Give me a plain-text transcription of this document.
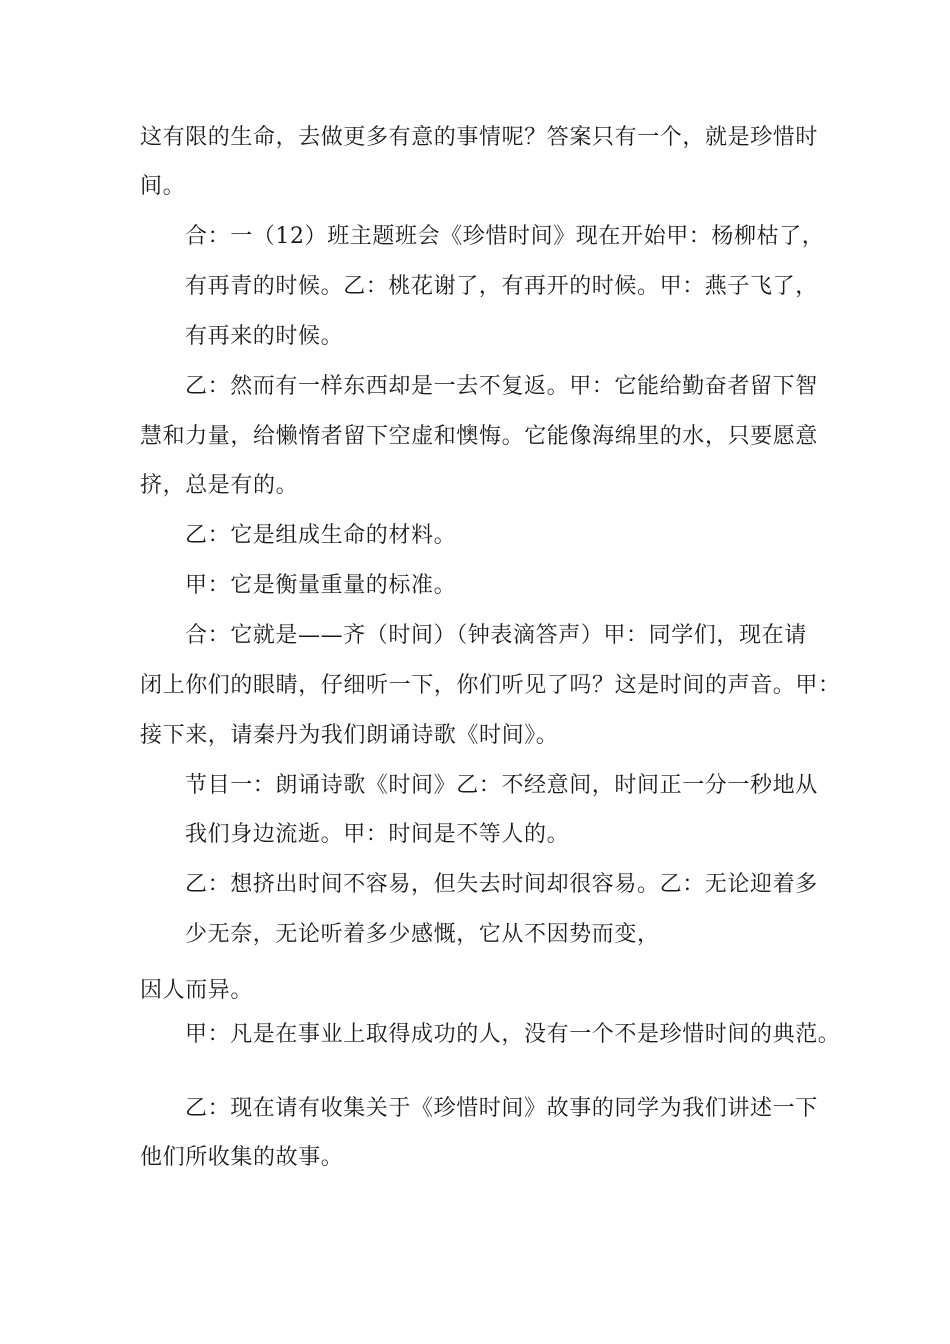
这有限的生命，去做更多有意的事情呢？答案只有一个，就是珍惜时
间。
合：一（12）班主题班会《珍惜时间》现在开始甲：杨柳枯了，
有再青的时候。乙：桃花谢了，有再开的时候。甲：燕子飞了，
有再来的时候。
乙：然而有一样东西却是一去不复返。甲：它能给勤奋者留下智
慧和力量，给懒惰者留下空虚和懊悔。它能像海绵里的水，只要愿意
挤，总是有的。
乙：它是组成生命的材料。
甲：它是衡量重量的标准。
合：它就是——齐（时间）（钟表滴答声）甲：同学们，现在请
闭上你们的眼睛，仔细听一下，你们听见了吗？这是时间的声音。甲：
接下来，请秦丹为我们朗诵诗歌《时间》。
节目一：朗诵诗歌《时间》乙：不经意间，时间正一分一秒地从
我们身边流逝。甲：时间是不等人的。
乙：想挤出时间不容易，但失去时间却很容易。乙：无论迎着多
少无奈，无论听着多少感慨，它从不因势而变，
因人而异。
甲：凡是在事业上取得成功的人，没有一个不是珍惜时间的典范。
乙：现在请有收集关于《珍惜时间》故事的同学为我们讲述一下
他们所收集的故事。
